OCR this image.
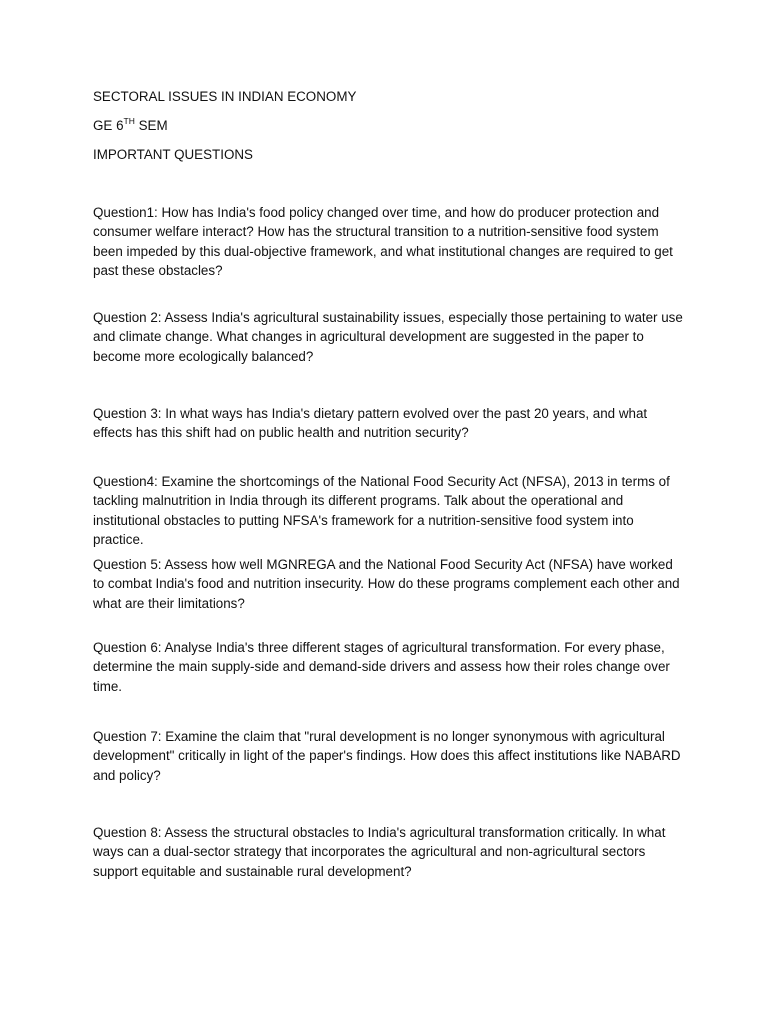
SECTORAL ISSUES IN INDIAN ECONOMY

GE 6TH SEM

IMPORTANT QUESTIONS

Question1: How has India's food policy changed over time, and how do producer protection and consumer welfare interact? How has the structural transition to a nutrition-sensitive food system been impeded by this dual-objective framework, and what institutional changes are required to get past these obstacles?

Question 2: Assess India's agricultural sustainability issues, especially those pertaining to water use and climate change. What changes in agricultural development are suggested in the paper to become more ecologically balanced?

Question 3: In what ways has India's dietary pattern evolved over the past 20 years, and what effects has this shift had on public health and nutrition security?

Question4: Examine the shortcomings of the National Food Security Act (NFSA), 2013 in terms of tackling malnutrition in India through its different programs. Talk about the operational and institutional obstacles to putting NFSA's framework for a nutrition-sensitive food system into practice.

Question 5: Assess how well MGNREGA and the National Food Security Act (NFSA) have worked to combat India's food and nutrition insecurity. How do these programs complement each other and what are their limitations?

Question 6: Analyse India's three different stages of agricultural transformation. For every phase, determine the main supply-side and demand-side drivers and assess how their roles change over time.

Question 7: Examine the claim that "rural development is no longer synonymous with agricultural development" critically in light of the paper's findings. How does this affect institutions like NABARD and policy?

Question 8: Assess the structural obstacles to India's agricultural transformation critically. In what ways can a dual-sector strategy that incorporates the agricultural and non-agricultural sectors support equitable and sustainable rural development?
